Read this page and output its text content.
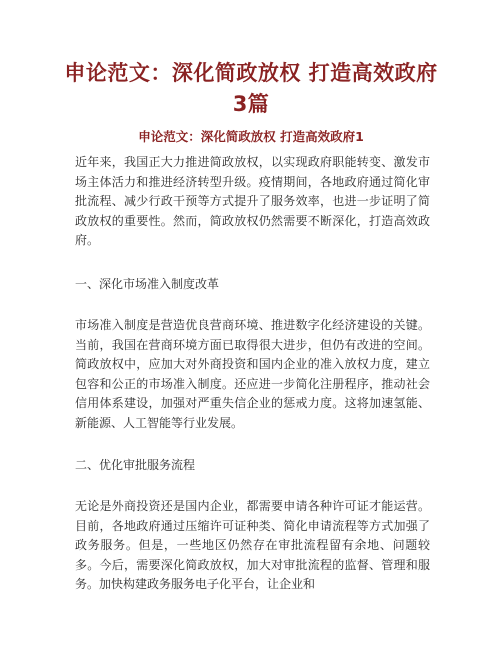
申论范文：深化简政放权 打造高效政府3篇
申论范文：深化简政放权 打造高效政府1

近年来，我国正大力推进简政放权，以实现政府职能转变、激发市场主体活力和推进经济转型升级。疫情期间，各地政府通过简化审批流程、减少行政干预等方式提升了服务效率，也进一步证明了简政放权的重要性。然而，简政放权仍然需要不断深化，打造高效政府。

一、深化市场准入制度改革

市场准入制度是营造优良营商环境、推进数字化经济建设的关键。当前，我国在营商环境方面已取得很大进步，但仍有改进的空间。简政放权中，应加大对外商投资和国内企业的准入放权力度，建立包容和公正的市场准入制度。还应进一步简化注册程序，推动社会信用体系建设，加强对严重失信企业的惩戒力度。这将加速氢能、新能源、人工智能等行业发展。

二、优化审批服务流程

无论是外商投资还是国内企业，都需要申请各种许可证才能运营。目前，各地政府通过压缩许可证种类、简化申请流程等方式加强了政务服务。但是，一些地区仍然存在审批流程留有余地、问题较多。今后，需要深化简政放权，加大对审批流程的监督、管理和服务。加快构建政务服务电子化平台，让企业和
